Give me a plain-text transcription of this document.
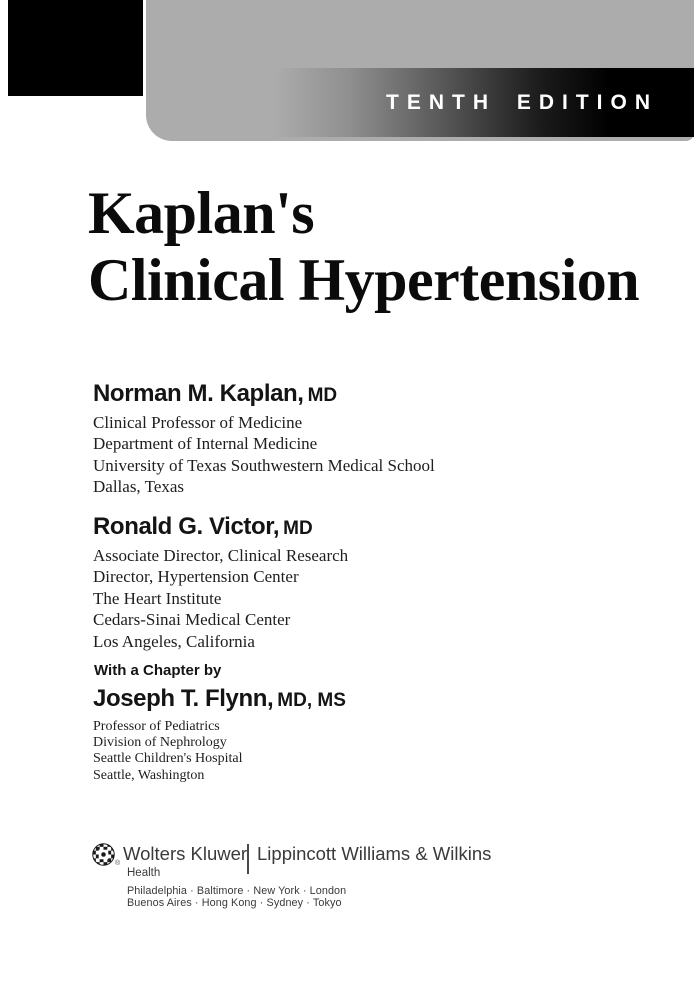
TENTH EDITION
Kaplan's
Clinical Hypertension
Norman M. Kaplan, MD

Clinical Professor of Medicine

Department of Internal Medicine

University of Texas Southwestern Medical School

Dallas, Texas

Ronald G. Victor, MD

Associate Director, Clinical Research

Director, Hypertension Center

The Heart Institute

Cedars-Sinai Medical Center

Los Angeles, California

With a Chapter by

Joseph T. Flynn, MD, MS

Professor of Pediatrics

Division of Nephrology

Seattle Children's Hospital

Seattle, Washington

® Wolters Kluwer Lippincott Williams & Wilkins
Health
Philadelphia · Baltimore · New York · London
Buenos Aires · Hong Kong · Sydney · Tokyo
